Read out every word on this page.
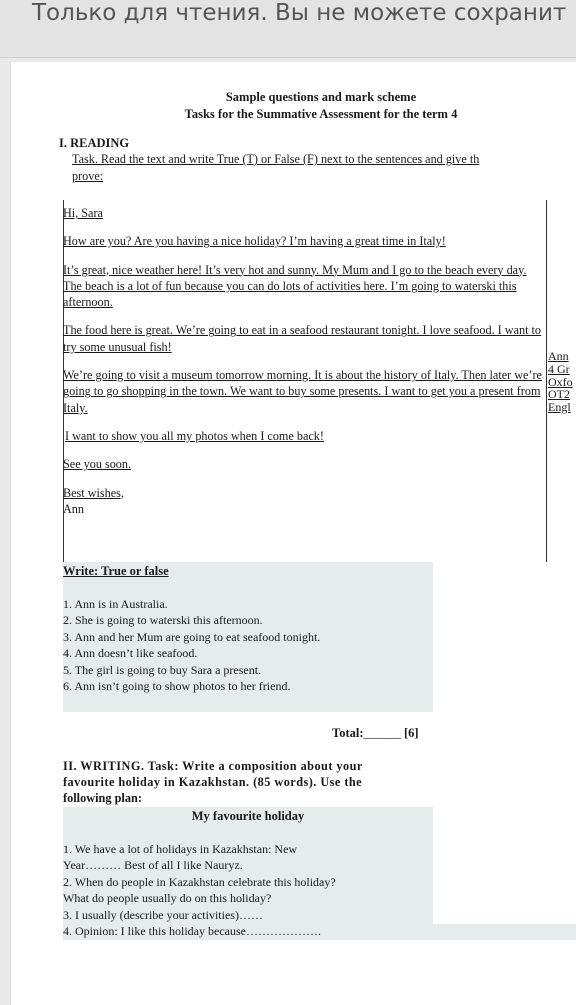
Только для чтения. Вы не можете сохранит
Sample questions and mark scheme
Tasks for the Summative Assessment for the term 4
I. READING
Task. Read the text and write True (T) or False (F) next to the sentences and give th
prove:

Hi, Sara

How are you? Are you having a nice holiday? I’m having a great time in Italy!

It’s great, nice weather here! It’s very hot and sunny. My Mum and I go to the beach every day. The beach is a lot of fun because you can do lots of activities here. I’m going to waterski this afternoon.

The food here is great. We’re going to eat in a seafood restaurant tonight. I love seafood. I want to try some unusual fish!

We’re going to visit a museum tomorrow morning. It is about the history of Italy. Then later we’re going to go shopping in the town. We want to buy some presents. I want to get you a present from Italy.

I want to show you all my photos when I come back!

See you soon.

Best wishes,

Ann

Ann
4 Gr
Oxfo
OT2
Engl
Write: True or false
1. Ann is in Australia.
2. She is going to waterski this afternoon.
3. Ann and her Mum are going to eat seafood tonight.
4. Ann doesn’t like seafood.
5. The girl is going to buy Sara a present.
6. Ann isn’t going to show photos to her friend.
Total:______ [6]
II. WRITING. Task: Write a composition about your
favourite holiday in Kazakhstan. (85 words). Use the
following plan:
My favourite holiday
1. We have a lot of holidays in Kazakhstan: New
Year……… Best of all I like Nauryz.
2. When do people in Kazakhstan celebrate this holiday?
What do people usually do on this holiday?
3. I usually (describe your activities)……
4. Opinion: I like this holiday because……………….
